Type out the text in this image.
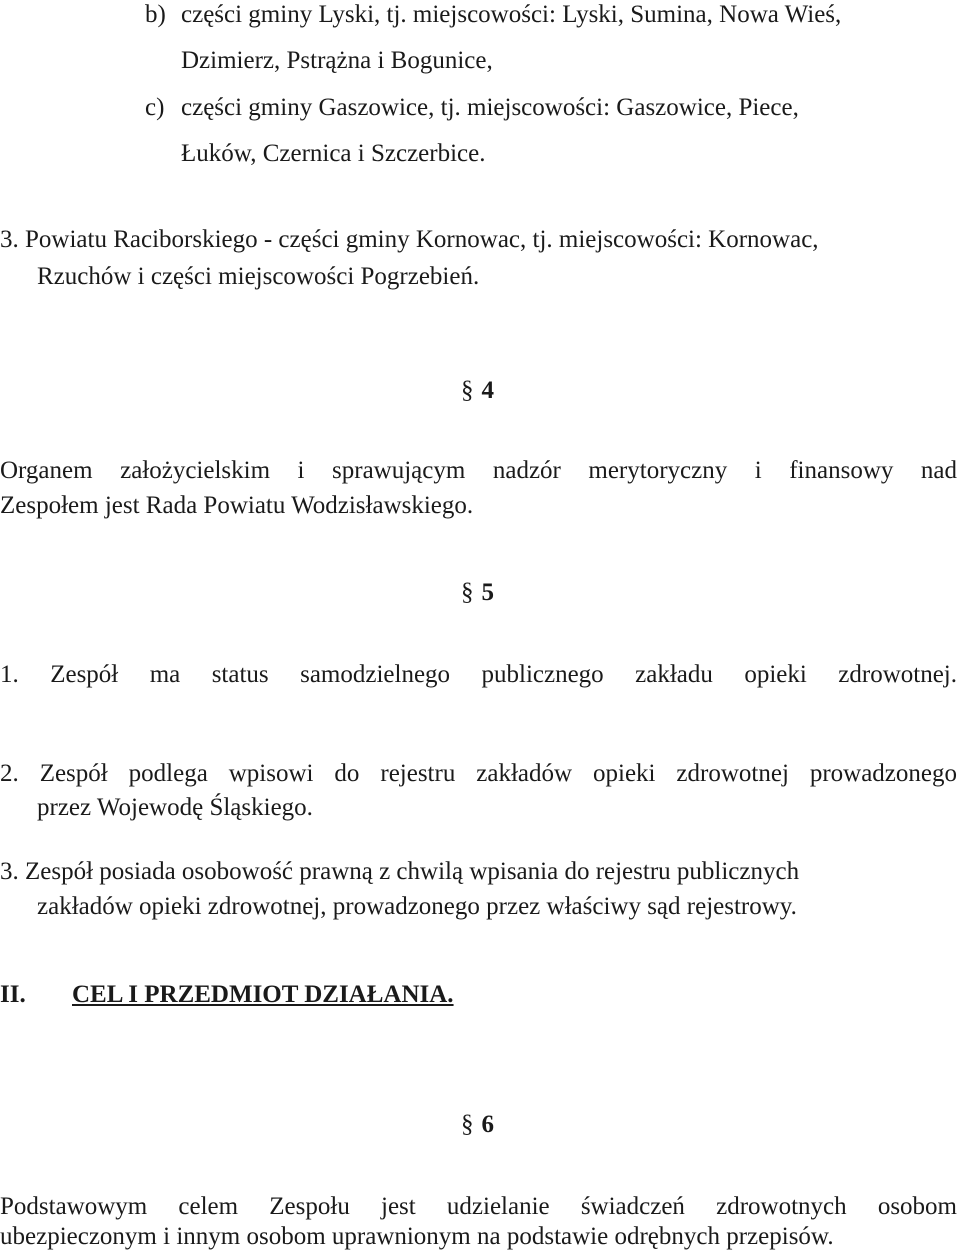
b) części gminy Lyski, tj. miejscowości: Lyski, Sumina, Nowa Wieś,
Dzimierz, Pstrążna i Bogunice,
c) części gminy Gaszowice, tj. miejscowości: Gaszowice, Piece,
Łuków, Czernica i Szczerbice.
3. Powiatu Raciborskiego - części gminy Kornowac, tj. miejscowości: Kornowac,
Rzuchów i części miejscowości Pogrzebień.
§ 4
Organem założycielskim i sprawującym nadzór merytoryczny i finansowy nad
Zespołem jest Rada Powiatu Wodzisławskiego.
§ 5
1. Zespół ma status samodzielnego publicznego zakładu opieki zdrowotnej.
2. Zespół podlega wpisowi do rejestru zakładów opieki zdrowotnej prowadzonego
przez Wojewodę Śląskiego.
3. Zespół posiada osobowość prawną z chwilą wpisania do rejestru publicznych
zakładów opieki zdrowotnej, prowadzonego przez właściwy sąd rejestrowy.
II. CEL I PRZEDMIOT DZIAŁANIA.
§ 6
Podstawowym celem Zespołu jest udzielanie świadczeń zdrowotnych osobom
ubezpieczonym i innym osobom uprawnionym na podstawie odrębnych przepisów.
